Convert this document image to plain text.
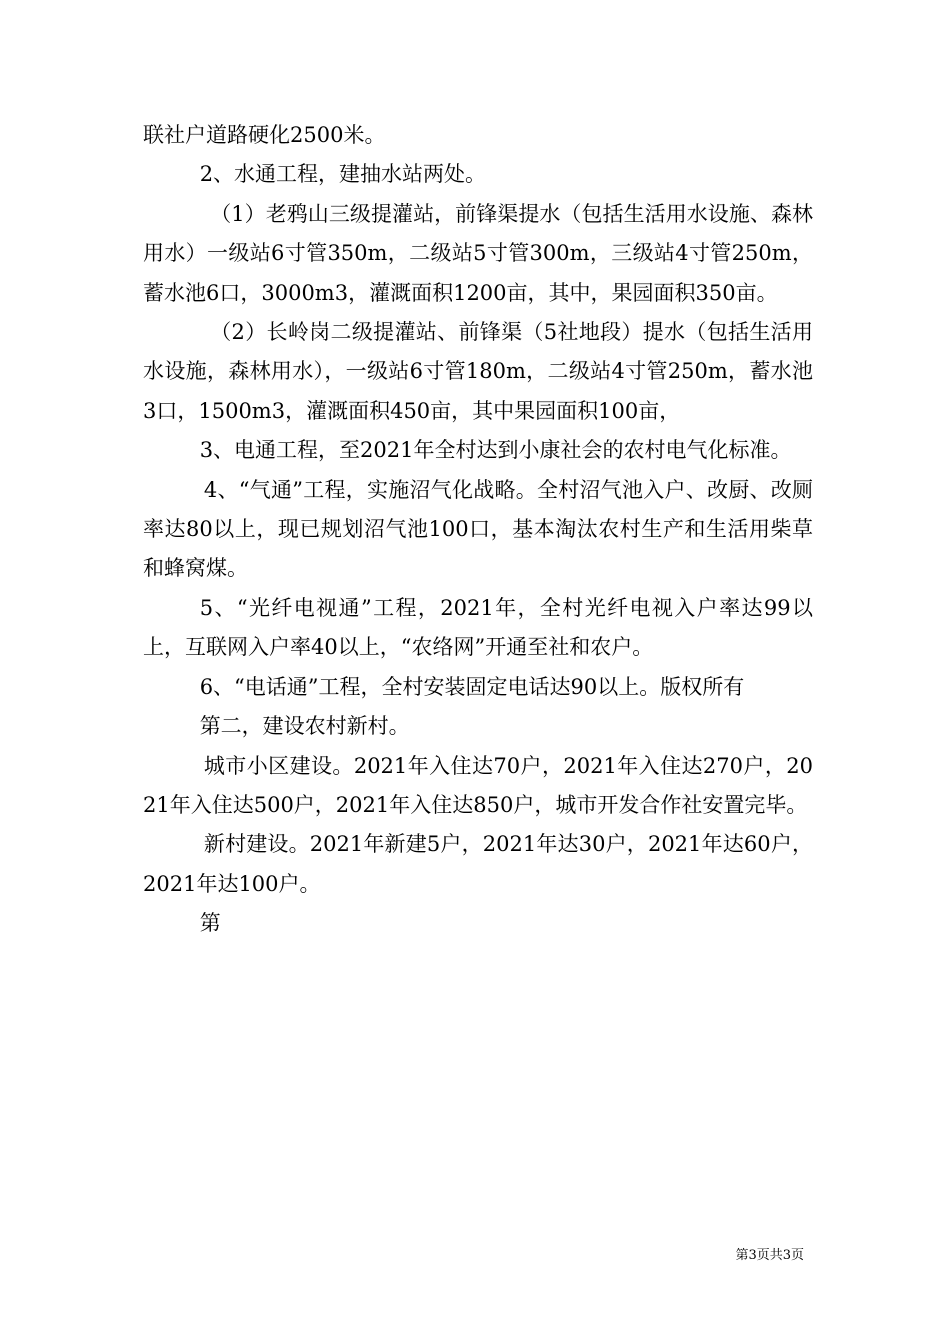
联社户道路硬化2500米。

2、水通工程，建抽水站两处。

（1）老鸦山三级提灌站，前锋渠提水（包括生活用水设施、森林用水）一级站6寸管350m，二级站5寸管300m，三级站4寸管250m，蓄水池6口，3000m3，灌溉面积1200亩，其中，果园面积350亩。

（2）长岭岗二级提灌站、前锋渠（5社地段）提水（包括生活用水设施，森林用水），一级站6寸管180m，二级站4寸管250m，蓄水池3口，1500m3，灌溉面积450亩，其中果园面积100亩，

3、电通工程，至2021年全村达到小康社会的农村电气化标准。

4、“气通”工程，实施沼气化战略。全村沼气池入户、改厨、改厕率达80以上，现已规划沼气池100口，基本淘汰农村生产和生活用柴草和蜂窝煤。

5、“光纤电视通”工程，2021年，全村光纤电视入户率达99以上，互联网入户率40以上，“农络网”开通至社和农户。

6、“电话通”工程，全村安装固定电话达90以上。版权所有

第二，建设农村新村。

城市小区建设。2021年入住达70户，2021年入住达270户，2021年入住达500户，2021年入住达850户，城市开发合作社安置完毕。

新村建设。2021年新建5户，2021年达30户，2021年达60户，2021年达100户。

第

第3页共3页
